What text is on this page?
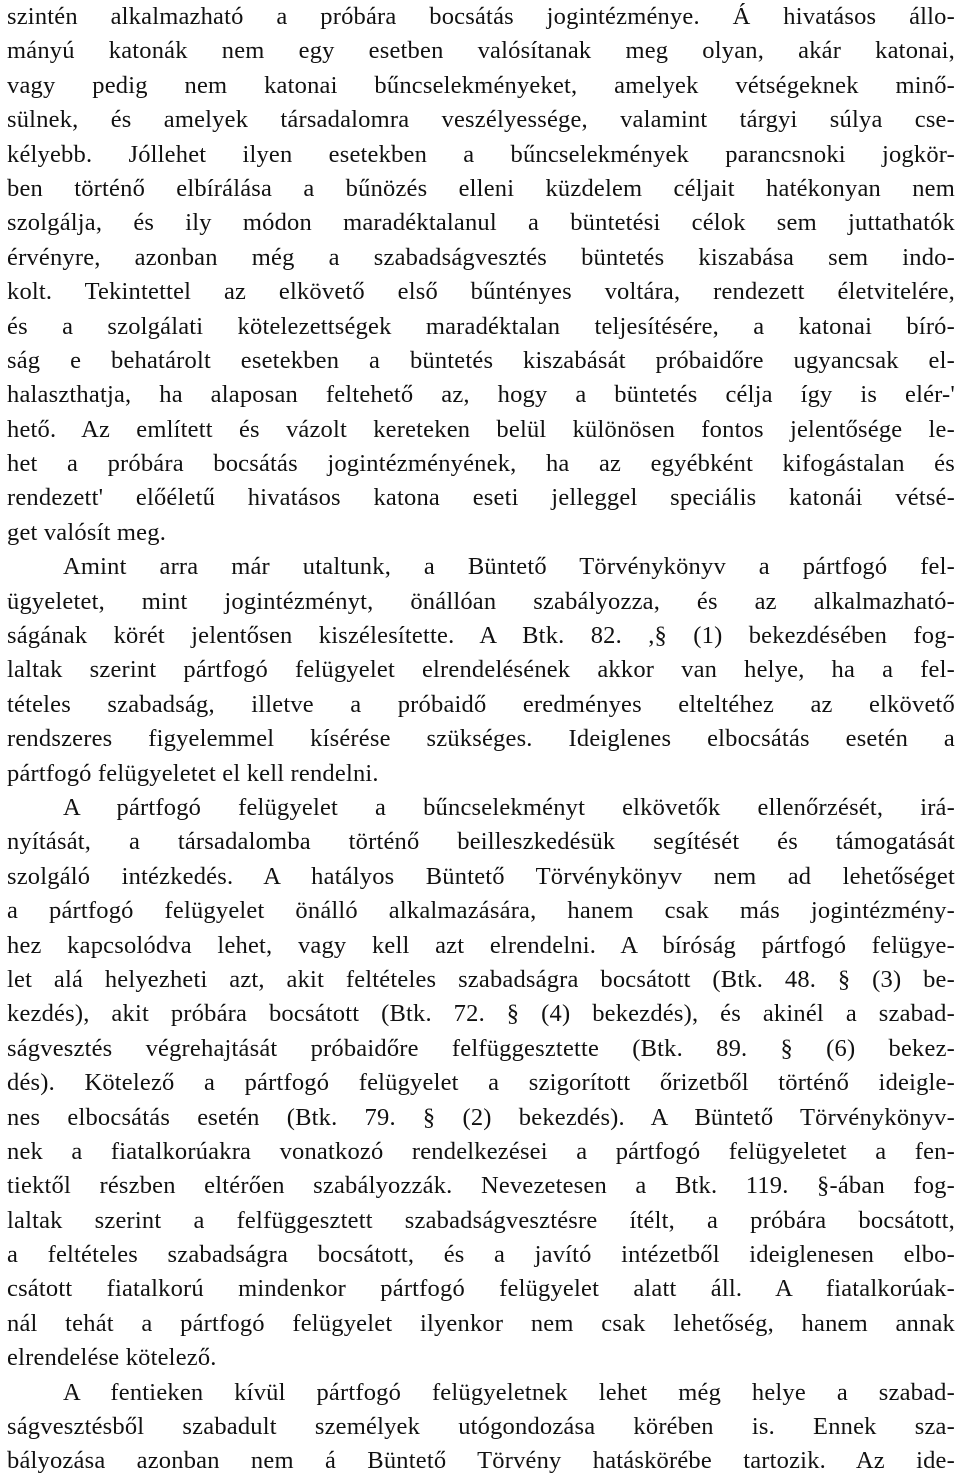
szintén alkalmazható a próbára bocsátás jogintézménye. Á hivatásos állo-
mányú katonák nem egy esetben valósítanak meg olyan, akár katonai,
vagy pedig nem katonai bűncselekményeket, amelyek vétségeknek minő-
sülnek, és amelyek társadalomra veszélyessége, valamint tárgyi súlya cse-
kélyebb. Jóllehet ilyen esetekben a bűncselekmények parancsnoki jogkör-
ben történő elbírálása a bűnözés elleni küzdelem céljait hatékonyan nem
szolgálja, és ily módon maradéktalanul a büntetési célok sem juttathatók
érvényre, azonban még a szabadságvesztés büntetés kiszabása sem indo-
kolt. Tekintettel az elkövető első bűntényes voltára, rendezett életvitelére,
és a szolgálati kötelezettségek maradéktalan teljesítésére, a katonai bíró-
ság e behatárolt esetekben a büntetés kiszabását próbaidőre ugyancsak el-
halaszthatja, ha alaposan feltehető az, hogy a büntetés célja így is elér-'
hető. Az említett és vázolt kereteken belül különösen fontos jelentősége le-
het a próbára bocsátás jogintézményének, ha az egyébként kifogástalan és
rendezett' előéletű hivatásos katona eseti jelleggel speciális katonái vétsé-
get valósít meg.
Amint arra már utaltunk, a Büntető Törvénykönyv a pártfogó fel-
ügyeletet, mint jogintézményt, önállóan szabályozza, és az alkalmazható-
ságának körét jelentősen kiszélesítette. A Btk. 82. ,§ (1) bekezdésében fog-
laltak szerint pártfogó felügyelet elrendelésének akkor van helye, ha a fel-
tételes szabadság, illetve a próbaidő eredményes elteltéhez az elkövető
rendszeres figyelemmel kísérése szükséges. Ideiglenes elbocsátás esetén a
pártfogó felügyeletet el kell rendelni.
A pártfogó felügyelet a bűncselekményt elkövetők ellenőrzését, irá-
nyítását, a társadalomba történő beilleszkedésük segítését és támogatását
szolgáló intézkedés. A hatályos Büntető Törvénykönyv nem ad lehetőséget
a pártfogó felügyelet önálló alkalmazására, hanem csak más jogintézmény-
hez kapcsolódva lehet, vagy kell azt elrendelni. A bíróság pártfogó felügye-
let alá helyezheti azt, akit feltételes szabadságra bocsátott (Btk. 48. § (3) be-
kezdés), akit próbára bocsátott (Btk. 72. § (4) bekezdés), és akinél a szabad-
ságvesztés végrehajtását próbaidőre felfüggesztette (Btk. 89. § (6) bekez-
dés). Kötelező a pártfogó felügyelet a szigorított őrizetből történő ideigle-
nes elbocsátás esetén (Btk. 79. § (2) bekezdés). A Büntető Törvénykönyv-
nek a fiatalkorúakra vonatkozó rendelkezései a pártfogó felügyeletet a fen-
tiektől részben eltérően szabályozzák. Nevezetesen a Btk. 119. §-ában fog-
laltak szerint a felfüggesztett szabadságvesztésre ítélt, a próbára bocsátott,
a feltételes szabadságra bocsátott, és a javító intézetből ideiglenesen elbo-
csátott fiatalkorú mindenkor pártfogó felügyelet alatt áll. A fiatalkorúak-
nál tehát a pártfogó felügyelet ilyenkor nem csak lehetőség, hanem annak
elrendelése kötelező.
A fentieken kívül pártfogó felügyeletnek lehet még helye a szabad-
ságvesztésből szabadult személyek utógondozása körében is. Ennek sza-
bályozása azonban nem á Büntető Törvény hatáskörébe tartozik. Az ide-
